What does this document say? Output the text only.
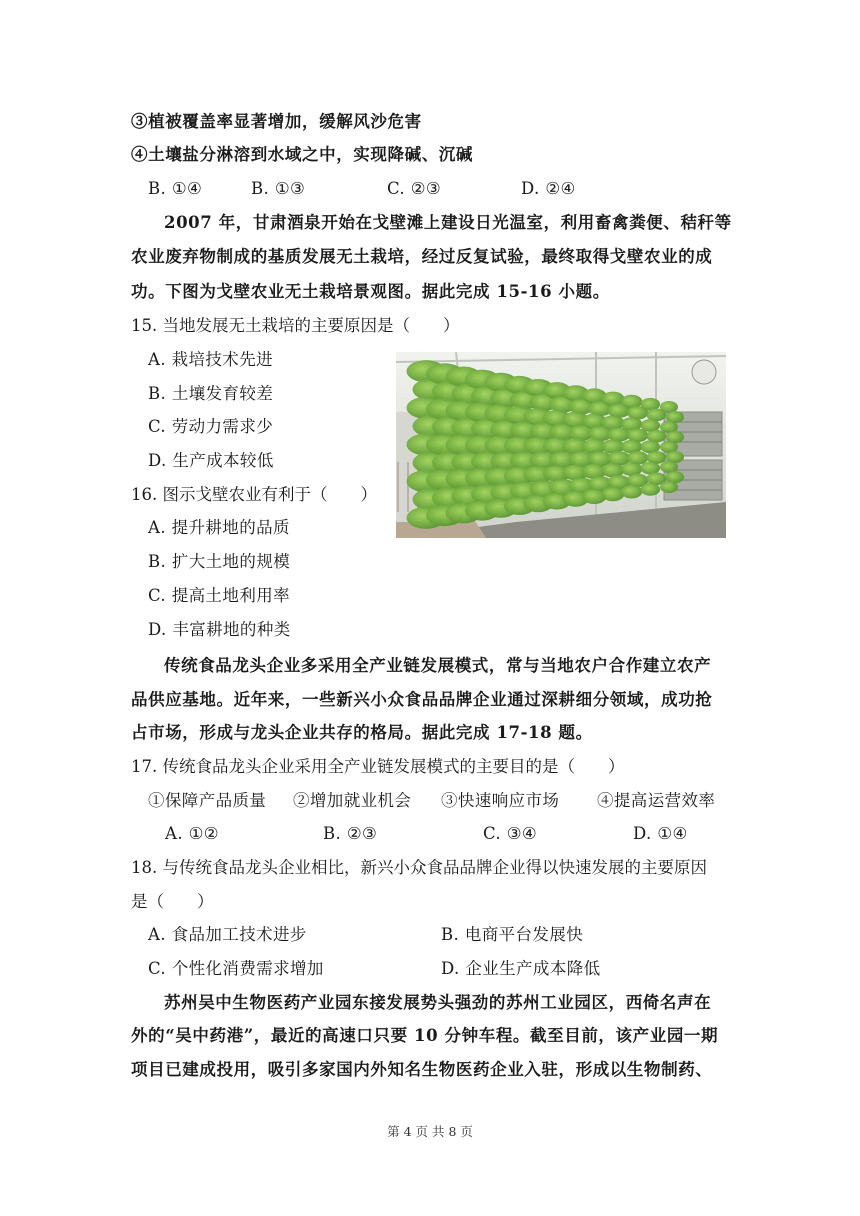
③植被覆盖率显著增加，缓解风沙危害
④土壤盐分淋溶到水域之中，实现降碱、沉碱
B. ①④	B. ①③	C. ②③	D. ②④
2007 年，甘肃酒泉开始在戈壁滩上建设日光温室，利用畜禽粪便、秸秆等
农业废弃物制成的基质发展无土栽培，经过反复试验，最终取得戈壁农业的成
功。下图为戈壁农业无土栽培景观图。据此完成 15-16 小题。
15. 当地发展无土栽培的主要原因是（　　）
A. 栽培技术先进
B. 土壤发育较差
C. 劳动力需求少
D. 生产成本较低
16. 图示戈壁农业有利于（　　）
A. 提升耕地的品质
B. 扩大土地的规模
C. 提高土地利用率
D. 丰富耕地的种类
传统食品龙头企业多采用全产业链发展模式，常与当地农户合作建立农产
品供应基地。近年来，一些新兴小众食品品牌企业通过深耕细分领域，成功抢
占市场，形成与龙头企业共存的格局。据此完成 17-18 题。
17. 传统食品龙头企业采用全产业链发展模式的主要目的是（　　）
①保障产品质量 ②增加就业机会 ③快速响应市场 ④提高运营效率
A. ①②	B. ②③	C. ③④	D. ①④
18. 与传统食品龙头企业相比，新兴小众食品品牌企业得以快速发展的主要原因
是（　　）
A. 食品加工技术进步	B. 电商平台发展快
C. 个性化消费需求增加	D. 企业生产成本降低
苏州吴中生物医药产业园东接发展势头强劲的苏州工业园区，西倚名声在
外的“吴中药港”，最近的高速口只要 10 分钟车程。截至目前，该产业园一期
项目已建成投用，吸引多家国内外知名生物医药企业入驻，形成以生物制药、
第 4 页 共 8 页
